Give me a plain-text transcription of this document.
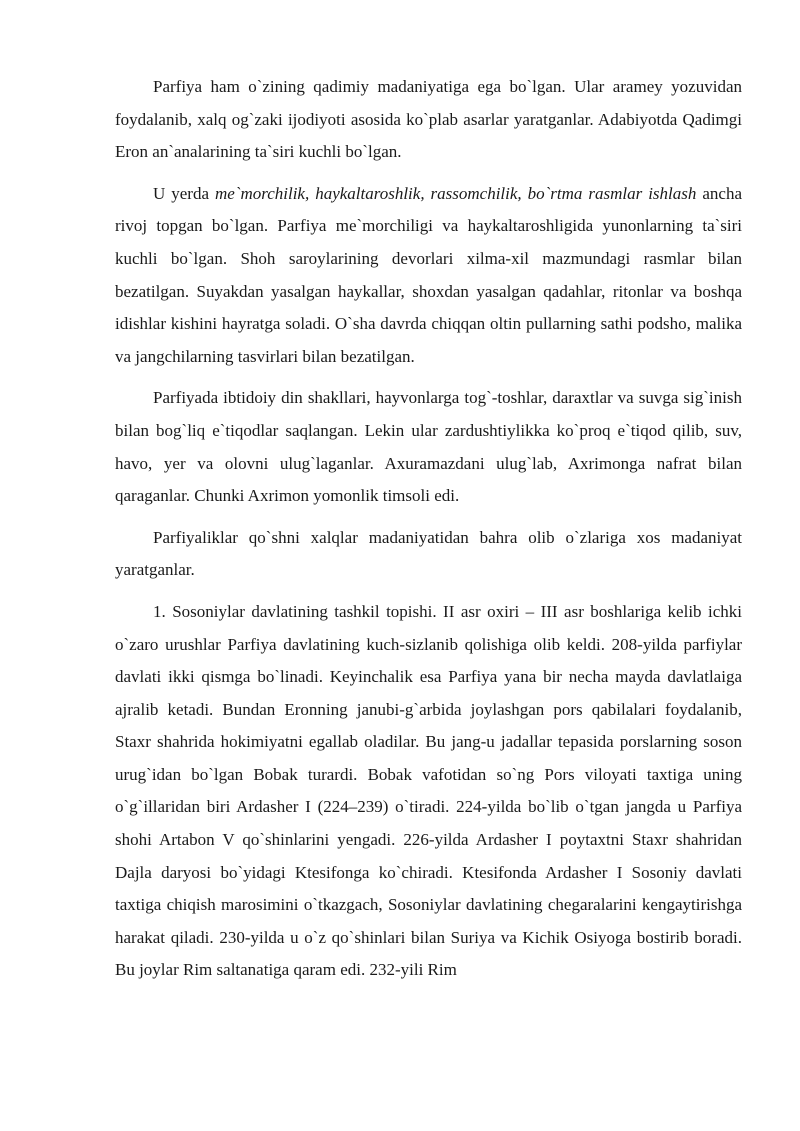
Parfiya ham o`zining qadimiy madaniyatiga ega bo`lgan. Ular aramey yozuvidan foydalanib, xalq og`zaki ijodiyoti asosida ko`plab asarlar yaratganlar. Adabiyotda Qadimgi Eron an`analarining ta`siri kuchli bo`lgan.

U yerda me`morchilik, haykaltaroshlik, rassomchilik, bo`rtma rasmlar ishlash ancha rivoj topgan bo`lgan. Parfiya me`morchiligi va haykaltaroshligida yunonlarning ta`siri kuchli bo`lgan. Shoh saroylarining devorlari xilma-xil mazmundagi rasmlar bilan bezatilgan. Suyakdan yasalgan haykallar, shoxdan yasalgan qadahlar, ritonlar va boshqa idishlar kishini hayratga soladi. O`sha davrda chiqqan oltin pullarning sathi podsho, malika va jangchilarning tasvirlari bilan bezatilgan.

Parfiyada ibtidoiy din shakllari, hayvonlarga tog`-toshlar, daraxtlar va suvga sig`inish bilan bog`liq e`tiqodlar saqlangan. Lekin ular zardushtiylikka ko`proq e`tiqod qilib, suv, havo, yer va olovni ulug`laganlar. Axuramazdani ulug`lab, Axrimonga nafrat bilan qaraganlar. Chunki Axrimon yomonlik timsoli edi.

Parfiyaliklar qo`shni xalqlar madaniyatidan bahra olib o`zlariga xos madaniyat yaratganlar.

1. Sosoniylar davlatining tashkil topishi. II asr oxiri – III asr boshlariga kelib ichki o`zaro urushlar Parfiya davlatining kuch-sizlanib qolishiga olib keldi. 208-yilda parfiylar davlati ikki qismga bo`linadi. Keyinchalik esa Parfiya yana bir necha mayda davlatlaiga ajralib ketadi. Bundan Eronning janubi-g`arbida joylashgan pors qabilalari foydalanib, Staxr shahrida hokimiyatni egallab oladilar. Bu jang-u jadallar tepasida porslarning soson urug`idan bo`lgan Bobak turardi. Bobak vafotidan so`ng Pors viloyati taxtiga uning o`g`illaridan biri Ardasher I (224–239) o`tiradi. 224-yilda bo`lib o`tgan jangda u Parfiya shohi Artabon V qo`shinlarini yengadi. 226-yilda Ardasher I poytaxtni Staxr shahridan Dajla daryosi bo`yidagi Ktesifonga ko`chiradi. Ktesifonda Ardasher I Sosoniy davlati taxtiga chiqish marosimini o`tkazgach, Sosoniylar davlatining chegaralarini kengaytirishga harakat qiladi. 230-yilda u o`z qo`shinlari bilan Suriya va Kichik Osiyoga bostirib boradi. Bu joylar Rim saltanatiga qaram edi. 232-yili Rim
